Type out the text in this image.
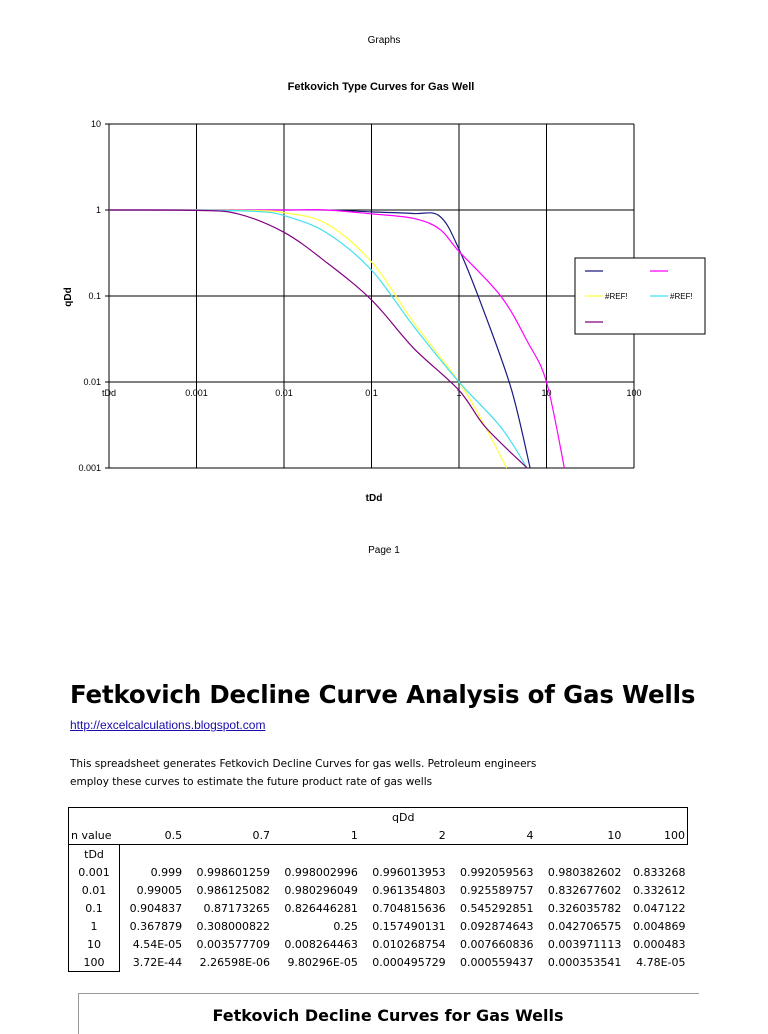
Graphs
Page 1
Fetkovich Type Curves for Gas Well
10
1
0.1
0.01
0.001
tDd	0.001	0.01	0.1	1	10	100
tDd
qDd	#REF!	#REF!
Fetkovich Decline Curve Analysis of Gas Wells
http://excelcalculations.blogspot.com
This spreadsheet generates Fetkovich Decline Curves for gas wells. Petroleum engineers
employ these curves to estimate the future product rate of gas wells
	qDd						
n value	0.5	0.7	1	2	4	10	100
tDd							
0.001	0.999	0.998601259	0.998002996	0.996013953	0.992059563	0.980382602	0.833268
0.01	0.99005	0.986125082	0.980296049	0.961354803	0.925589757	0.832677602	0.332612
0.1	0.904837	0.87173265	0.826446281	0.704815636	0.545292851	0.326035782	0.047122
1	0.367879	0.308000822	0.25	0.157490131	0.092874643	0.042706575	0.004869
10	4.54E-05	0.003577709	0.008264463	0.010268754	0.007660836	0.003971113	0.000483
100	3.72E-44	2.26598E-06	9.80296E-05	0.000495729	0.000559437	0.000353541	4.78E-05
Fetkovich Decline Curves for Gas Wells
